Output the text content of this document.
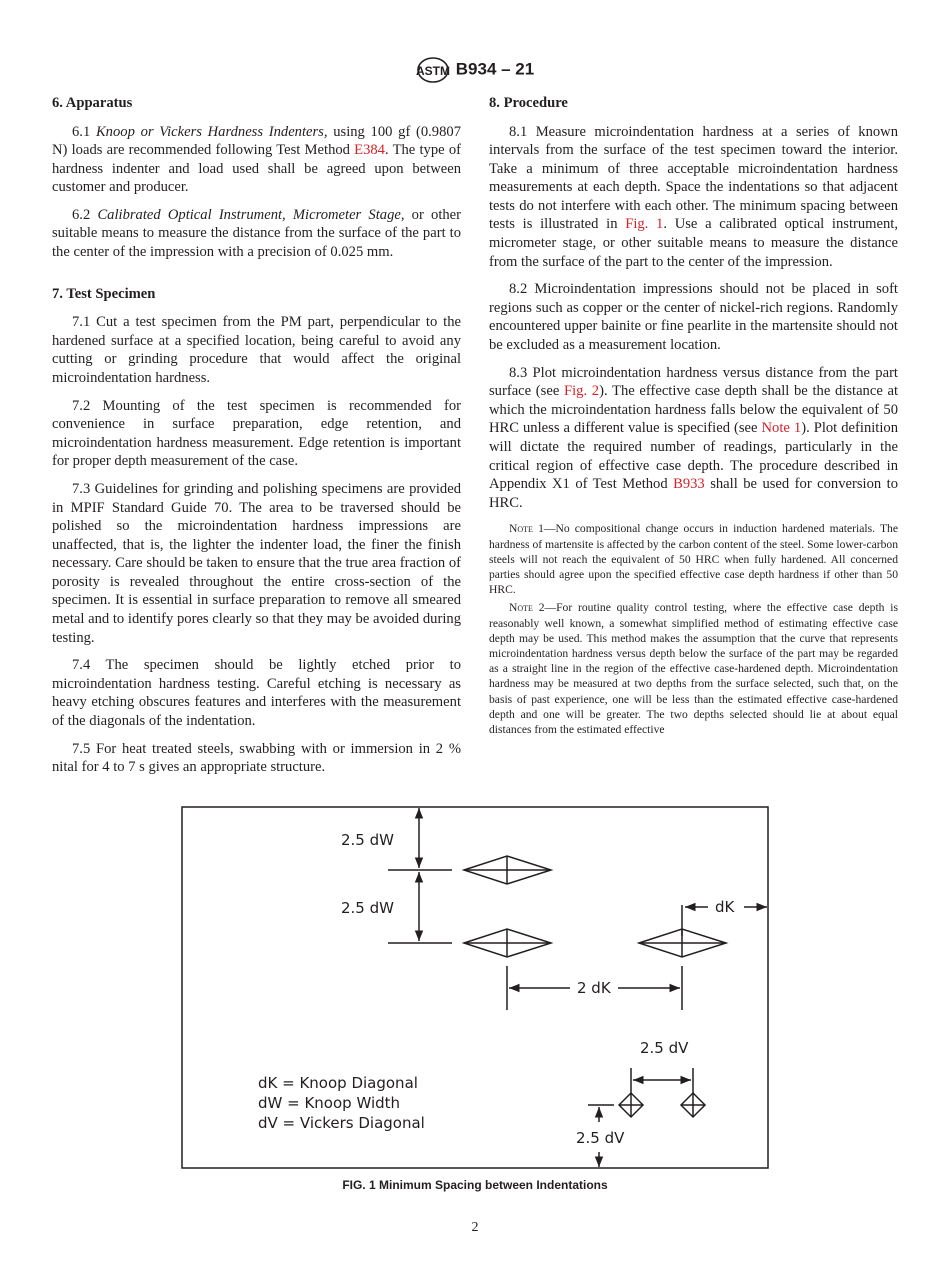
ASTM B934 – 21
6. Apparatus

6.1 Knoop or Vickers Hardness Indenters, using 100 gf (0.9807 N) loads are recommended following Test Method E384. The type of hardness indenter and load used shall be agreed upon between customer and producer.

6.2 Calibrated Optical Instrument, Micrometer Stage, or other suitable means to measure the distance from the surface of the part to the center of the impression with a precision of 0.025 mm.

7. Test Specimen

7.1 Cut a test specimen from the PM part, perpendicular to the hardened surface at a specified location, being careful to avoid any cutting or grinding procedure that would affect the original microindentation hardness.

7.2 Mounting of the test specimen is recommended for convenience in surface preparation, edge retention, and microindentation hardness measurement. Edge retention is important for proper depth measurement of the case.

7.3 Guidelines for grinding and polishing specimens are provided in MPIF Standard Guide 70. The area to be traversed should be polished so the microindentation hardness impressions are unaffected, that is, the lighter the indenter load, the finer the finish necessary. Care should be taken to ensure that the true area fraction of porosity is revealed throughout the entire cross-section of the specimen. It is essential in surface preparation to remove all smeared metal and to identify pores clearly so that they may be avoided during testing.

7.4 The specimen should be lightly etched prior to microindentation hardness testing. Careful etching is necessary as heavy etching obscures features and interferes with the measurement of the diagonals of the indentation.

7.5 For heat treated steels, swabbing with or immersion in 2 % nital for 4 to 7 s gives an appropriate structure.

8. Procedure

8.1 Measure microindentation hardness at a series of known intervals from the surface of the test specimen toward the interior. Take a minimum of three acceptable microindentation hardness measurements at each depth. Space the indentations so that adjacent tests do not interfere with each other. The minimum spacing between tests is illustrated in Fig. 1. Use a calibrated optical instrument, micrometer stage, or other suitable means to measure the distance from the surface of the part to the center of the impression.

8.2 Microindentation impressions should not be placed in soft regions such as copper or the center of nickel-rich regions. Randomly encountered upper bainite or fine pearlite in the martensite should not be excluded as a measurement location.

8.3 Plot microindentation hardness versus distance from the part surface (see Fig. 2). The effective case depth shall be the distance at which the microindentation hardness falls below the equivalent of 50 HRC unless a different value is specified (see Note 1). Plot definition will dictate the required number of readings, particularly in the critical region of effective case depth. The procedure described in Appendix X1 of Test Method B933 shall be used for conversion to HRC.

Note 1—No compositional change occurs in induction hardened materials. The hardness of martensite is affected by the carbon content of the steel. Some lower-carbon steels will not reach the equivalent of 50 HRC when fully hardened. All concerned parties should agree upon the specified effective case depth hardness if other than 50 HRC.

Note 2—For routine quality control testing, where the effective case depth is reasonably well known, a somewhat simplified method of estimating effective case depth may be used. This method makes the assumption that the curve that represents microindentation hardness versus depth below the surface of the part may be regarded as a straight line in the region of the effective case-hardened depth. Microindentation hardness may be measured at two depths from the surface selected, such that, on the basis of past experience, one will be less than the estimated effective case-hardened depth and one will be greater. The two depths selected should lie at about equal distances from the estimated effective

2.5 dW
2.5 dW	dK
2 dK
2.5 dV
2.5 dV
dK = Knoop Diagonal
dW = Knoop Width
dV = Vickers Diagonal
FIG. 1 Minimum Spacing between Indentations
2
